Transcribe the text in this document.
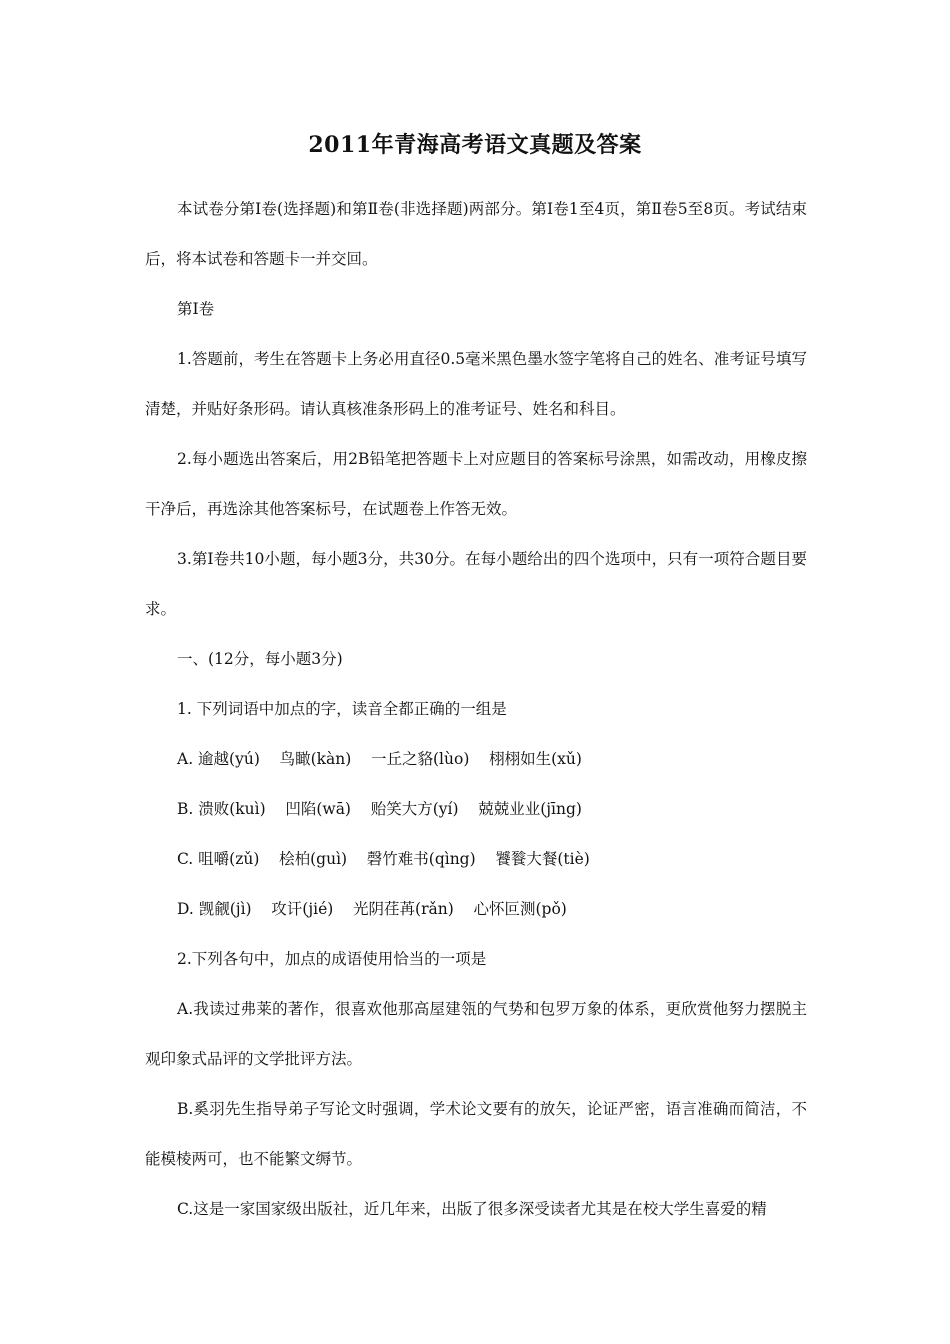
2011年青海高考语文真题及答案

本试卷分第Ⅰ卷(选择题)和第Ⅱ卷(非选择题)两部分。第Ⅰ卷1至4页，第Ⅱ卷5至8页。考试结束后，将本试卷和答题卡一并交回。

第Ⅰ卷

1.答题前，考生在答题卡上务必用直径0.5毫米黑色墨水签字笔将自己的姓名、准考证号填写清楚，并贴好条形码。请认真核准条形码上的准考证号、姓名和科目。

2.每小题选出答案后，用2B铅笔把答题卡上对应题目的答案标号涂黑，如需改动，用橡皮擦干净后，再选涂其他答案标号，在试题卷上作答无效。

3.第Ⅰ卷共10小题，每小题3分，共30分。在每小题给出的四个选项中，只有一项符合题目要求。

一、(12分，每小题3分)

1. 下列词语中加点的字，读音全都正确的一组是

A. 逾越(yú)    鸟瞰(kàn)    一丘之貉(lùo)    栩栩如生(xǔ)

B. 溃败(kuì)    凹陷(wā)    贻笑大方(yí)    兢兢业业(jīng)

C. 咀嚼(zǔ)    桧柏(guì)    磬竹难书(qìng)    饕餮大餐(tiè)

D. 觊觎(jì)    攻讦(jié)    光阴荏苒(rǎn)    心怀叵测(pǒ)

2.下列各句中，加点的成语使用恰当的一项是

A.我读过弗莱的著作，很喜欢他那高屋建瓴的气势和包罗万象的体系，更欣赏他努力摆脱主观印象式品评的文学批评方法。

B.奚羽先生指导弟子写论文时强调，学术论文要有的放矢，论证严密，语言准确而简洁，不能模棱两可，也不能繁文缛节。

C.这是一家国家级出版社，近几年来，出版了很多深受读者尤其是在校大学生喜爱的精
